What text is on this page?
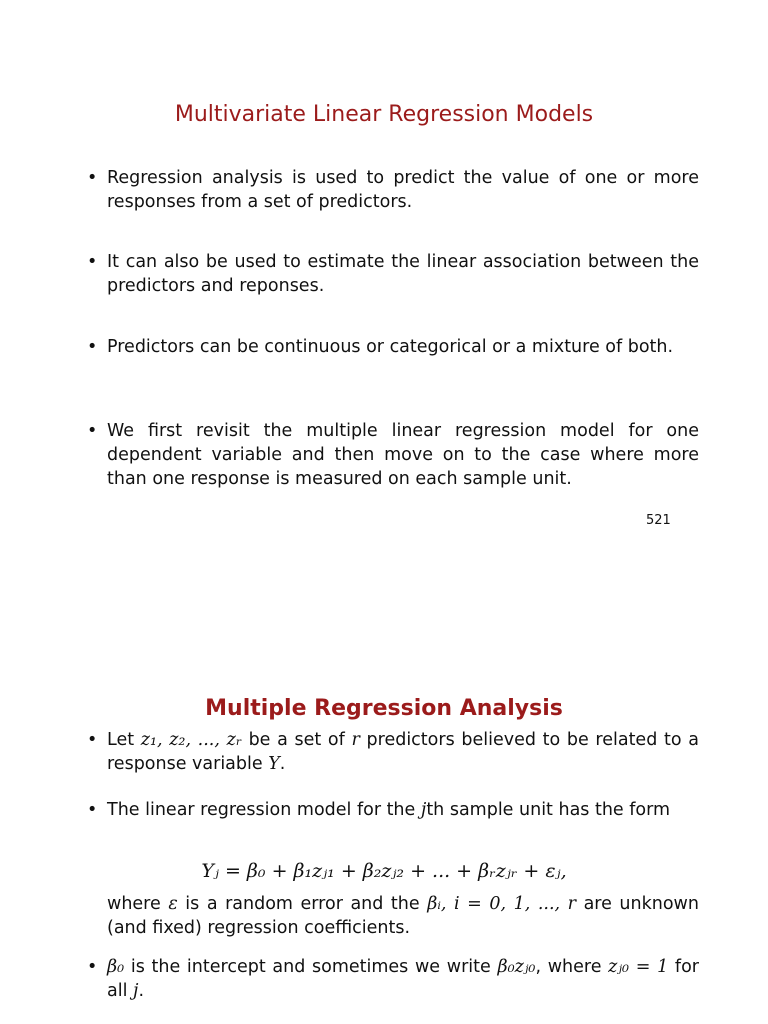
Multivariate Linear Regression Models
• Regression analysis is used to predict the value of one or more responses from a set of predictors.
• It can also be used to estimate the linear association between the predictors and reponses.
• Predictors can be continuous or categorical or a mixture of both.
• We first revisit the multiple linear regression model for one dependent variable and then move on to the case where more than one response is measured on each sample unit.
521
Multiple Regression Analysis
• Let z₁, z₂, ..., zᵣ be a set of r predictors believed to be related to a response variable Y.
• The linear regression model for the jth sample unit has the form
Yⱼ = β₀ + β₁zⱼ₁ + β₂zⱼ₂ + ... + βᵣzⱼᵣ + εⱼ,
where ε is a random error and the βᵢ, i = 0, 1, ..., r are unknown (and fixed) regression coefficients.
• β₀ is the intercept and sometimes we write β₀zⱼ₀, where zⱼ₀ = 1 for all j.
